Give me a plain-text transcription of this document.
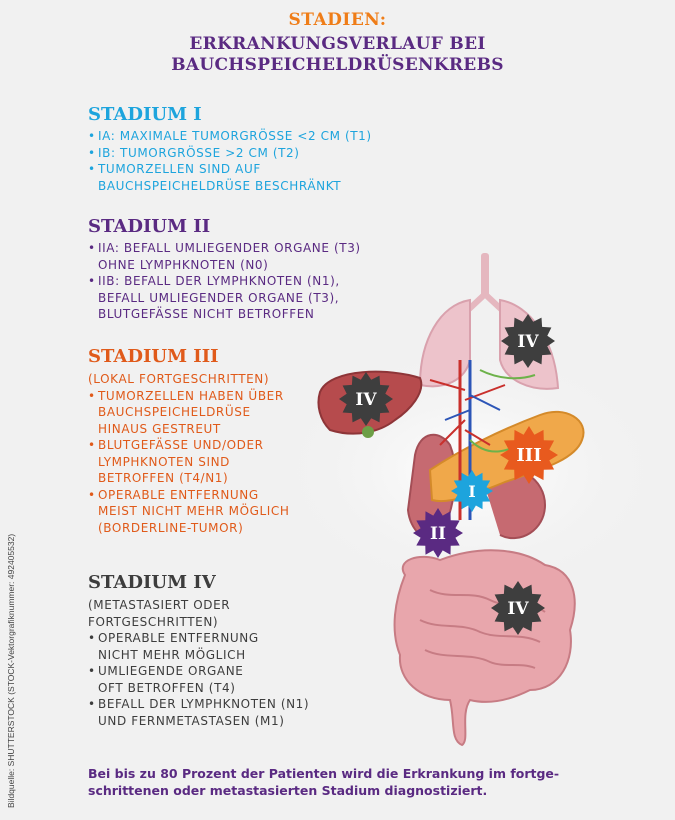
STADIEN:
ERKRANKUNGSVERLAUF BEI
BAUCHSPEICHELDRÜSENKREBS
IV
IV
III
I
II
IV
STADIUM I
• IA: MAXIMALE TUMORGRÖSSE <2 CM (T1)
• IB: TUMORGRÖSSE >2 CM (T2)
• TUMORZELLEN SIND AUF
BAUCHSPEICHELDRÜSE BESCHRÄNKT
STADIUM II
• IIA: BEFALL UMLIEGENDER ORGANE (T3)
OHNE LYMPHKNOTEN (N0)
• IIB: BEFALL DER LYMPHKNOTEN (N1),
BEFALL UMLIEGENDER ORGANE (T3),
BLUTGEFÄSSE NICHT BETROFFEN
STADIUM III
(LOKAL FORTGESCHRITTEN)
• TUMORZELLEN HABEN ÜBER
BAUCHSPEICHELDRÜSE
HINAUS GESTREUT
• BLUTGEFÄSSE UND/ODER
LYMPHKNOTEN SIND
BETROFFEN (T4/N1)
• OPERABLE ENTFERNUNG
MEIST NICHT MEHR MÖGLICH
(BORDERLINE-TUMOR)
STADIUM IV
(METASTASIERT ODER
FORTGESCHRITTEN)
• OPERABLE ENTFERNUNG
NICHT MEHR MÖGLICH
• UMLIEGENDE ORGANE
OFT BETROFFEN (T4)
• BEFALL DER LYMPHKNOTEN (N1)
UND FERNMETASTASEN (M1)
Bei bis zu 80 Prozent der Patienten wird die Erkrankung im fortge-
schrittenen oder metastasierten Stadium diagnostiziert.
Bildquelle: SHUTTERSTOCK (STOCK-Vektorgrafiknummer: 492405532)
